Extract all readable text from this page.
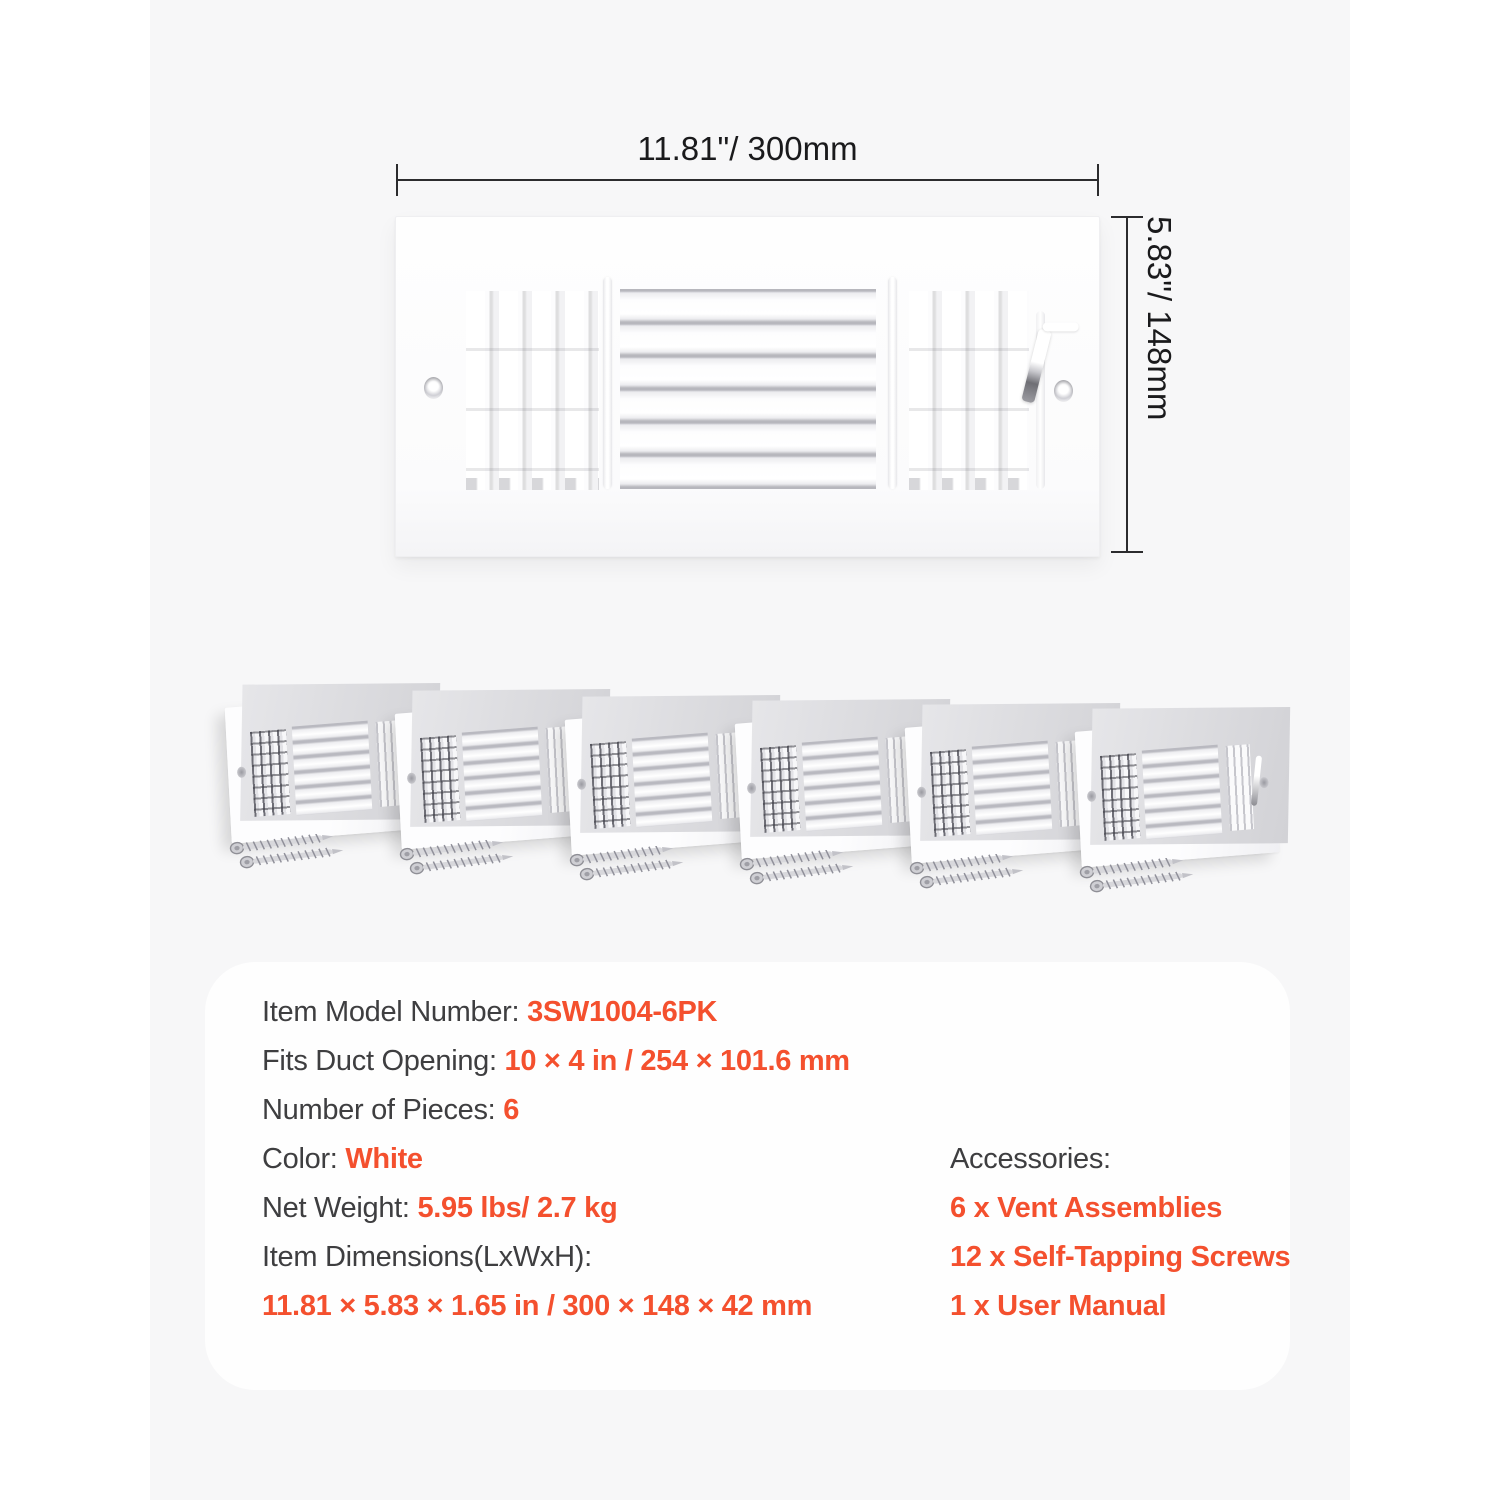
11.81"/ 300mm
5.83"/ 148mm
Item Model Number: 3SW1004-6PK
Fits Duct Opening: 10 × 4 in / 254 × 101.6 mm
Number of Pieces: 6
Color: White
Net Weight: 5.95 lbs/ 2.7 kg
Item Dimensions(LxWxH):
11.81 × 5.83 × 1.65 in / 300 × 148 × 42 mm
Accessories:
6 x Vent Assemblies
12 x Self-Tapping Screws
1 x User Manual
